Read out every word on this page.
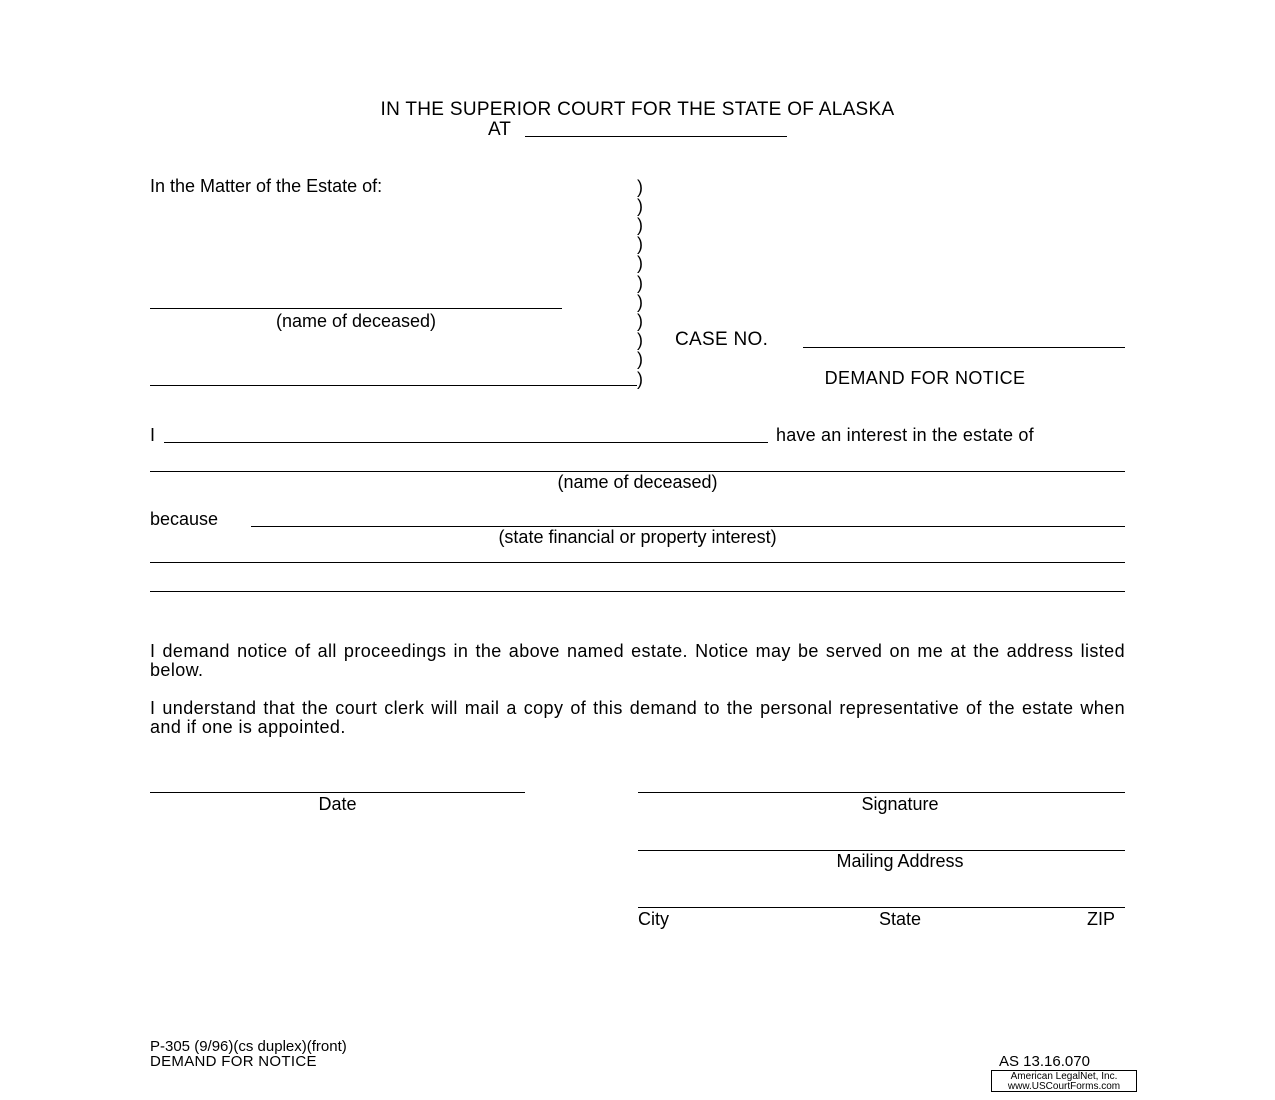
IN THE SUPERIOR COURT FOR THE STATE OF ALASKA
AT
In the Matter of the Estate of:
(name of deceased)
)
)
)
)
)
)
)
)
)
)
)
CASE NO.
DEMAND FOR NOTICE
I	have an interest in the estate of
(name of deceased)
because
(state financial or property interest)
I demand notice of all proceedings in the above named estate. Notice may be served on me at the address listed below.
I understand that the court clerk will mail a copy of this demand to the personal representative of the estate when and if one is appointed.
Date	Signature
Mailing Address
City	State	ZIP
P-305 (9/96)(cs duplex)(front)
DEMAND FOR NOTICE	AS 13.16.070
American LegalNet, Inc.
www.USCourtForms.com
